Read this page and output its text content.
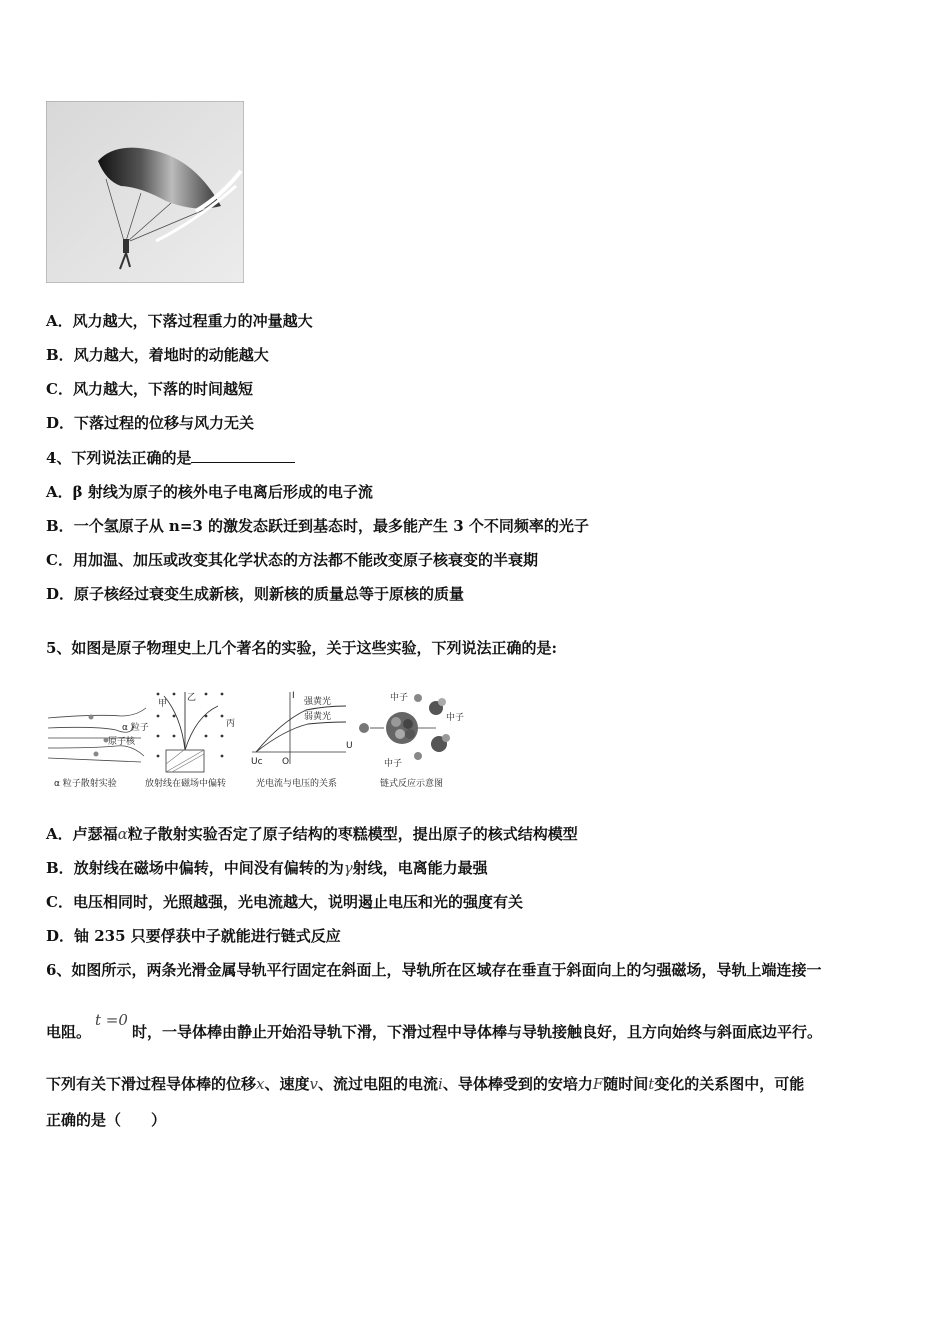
A．风力越大，下落过程重力的冲量越大
B．风力越大，着地时的动能越大
C．风力越大，下落的时间越短
D．下落过程的位移与风力无关
4、下列说法正确的是
A．β 射线为原子的核外电子电离后形成的电子流
B．一个氢原子从 n=3 的激发态跃迁到基态时，最多能产生 3 个不同频率的光子
C．用加温、加压或改变其化学状态的方法都不能改变原子核衰变的半衰期
D．原子核经过衰变生成新核，则新核的质量总等于原核的质量
5、如图是原子物理史上几个著名的实验，关于这些实验，下列说法正确的是:
α 粒子
原子核
α 粒子散射实验
甲
乙
丙
放射线在磁场中偏转
I
U
强黄光
弱黄光
Uc O
光电流与电压的关系
中子
中子
中子
链式反应示意图
A．卢瑟福α粒子散射实验否定了原子结构的枣糕模型，提出原子的核式结构模型
B．放射线在磁场中偏转，中间没有偏转的为γ射线，电离能力最强
C．电压相同时，光照越强，光电流越大，说明遏止电压和光的强度有关
D．铀 235 只要俘获中子就能进行链式反应
6、如图所示，两条光滑金属导轨平行固定在斜面上，导轨所在区域存在垂直于斜面向上的匀强磁场，导轨上端连接一
电阻。t =0时，一导体棒由静止开始沿导轨下滑，下滑过程中导体棒与导轨接触良好，且方向始终与斜面底边平行。
下列有关下滑过程导体棒的位移x、速度v、流过电阻的电流i、导体棒受到的安培力F随时间t变化的关系图中，可能
正确的是（　　）
